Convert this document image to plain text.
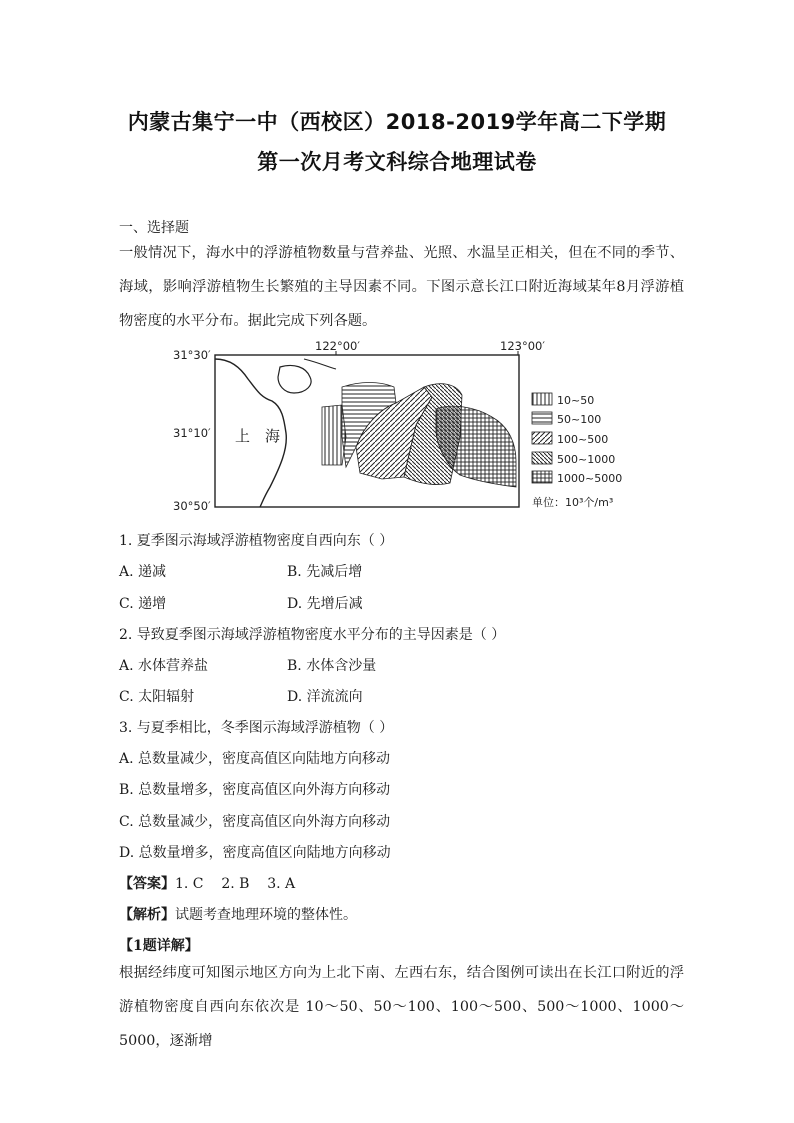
内蒙古集宁一中（西校区）2018-2019学年高二下学期
第一次月考文科综合地理试卷
一、选择题
一般情况下，海水中的浮游植物数量与营养盐、光照、水温呈正相关，但在不同的季节、海域，影响浮游植物生长繁殖的主导因素不同。下图示意长江口附近海域某年8月浮游植物密度的水平分布。据此完成下列各题。
上 海
31°30′
31°10′
30°50′
122°00′	123°00′
10~50
50~100
100~500
500~1000
1000~5000
单位：10³个/m³
1. 夏季图示海域浮游植物密度自西向东（ ）
A. 递减	B. 先减后增
C. 递增	D. 先增后减
2. 导致夏季图示海域浮游植物密度水平分布的主导因素是（ ）
A. 水体营养盐	B. 水体含沙量
C. 太阳辐射	D. 洋流流向
3. 与夏季相比，冬季图示海域浮游植物（ ）
A. 总数量减少，密度高值区向陆地方向移动
B. 总数量增多，密度高值区向外海方向移动
C. 总数量减少，密度高值区向外海方向移动
D. 总数量增多，密度高值区向陆地方向移动
【答案】1. C    2. B    3. A
【解析】试题考查地理环境的整体性。
【1题详解】
根据经纬度可知图示地区方向为上北下南、左西右东，结合图例可读出在长江口附近的浮游植物密度自西向东依次是 10～50、50～100、100～500、500～1000、1000～5000，逐渐增
